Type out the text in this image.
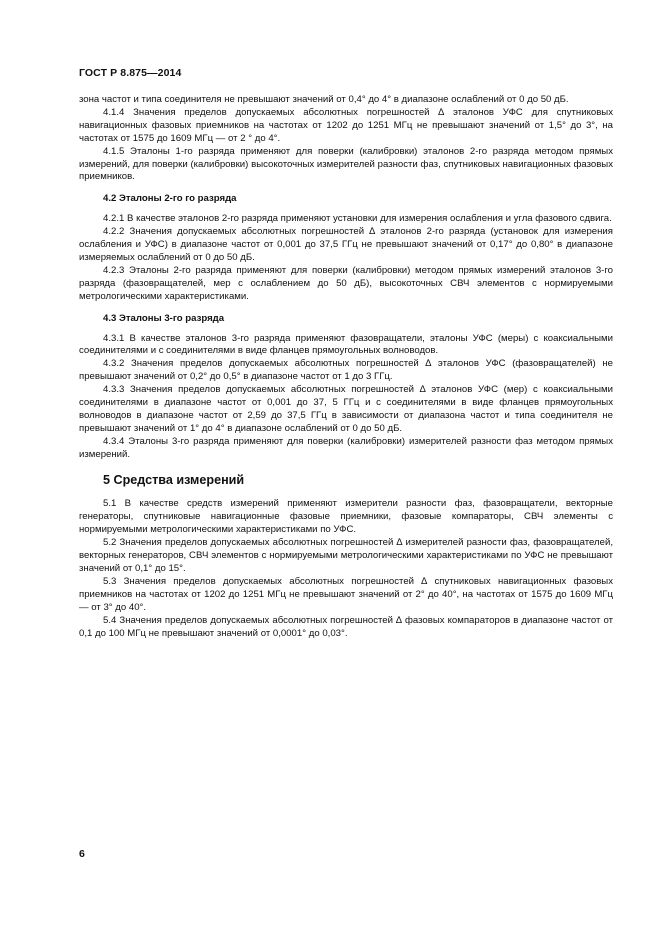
ГОСТ Р 8.875—2014

зона частот и типа соединителя не превышают значений от 0,4° до 4° в диапазоне ослаблений от 0 до 50 дБ.

4.1.4 Значения пределов допускаемых абсолютных погрешностей ∆ эталонов УФС для спутниковых навигационных фазовых приемников на частотах от 1202 до 1251 МГц не превышают значений от 1,5° до 3°, на частотах от 1575 до 1609 МГц — от 2 ° до 4°.

4.1.5 Эталоны 1-го разряда применяют для поверки (калибровки) эталонов 2-го разряда методом прямых измерений, для поверки (калибровки) высокоточных измерителей разности фаз, спутниковых навигационных фазовых приемников.

4.2 Эталоны 2-го го разряда

4.2.1 В качестве эталонов 2-го разряда применяют установки для измерения ослабления и угла фазового сдвига.

4.2.2 Значения допускаемых абсолютных погрешностей ∆ эталонов 2-го разряда (установок для измерения ослабления и УФС) в диапазоне частот от 0,001 до 37,5 ГГц не превышают значений от 0,17° до 0,80° в диапазоне измеряемых ослаблений от 0 до 50 дБ.

4.2.3 Эталоны 2-го разряда применяют для поверки (калибровки) методом прямых измерений эталонов 3-го разряда (фазовращателей, мер с ослаблением до 50 дБ), высокоточных СВЧ элементов с нормируемыми метрологическими характеристиками.

4.3 Эталоны 3-го разряда

4.3.1 В качестве эталонов 3-го разряда применяют фазовращатели, эталоны УФС (меры) с коаксиальными соединителями и с соединителями в виде фланцев прямоугольных волноводов.

4.3.2 Значения пределов допускаемых абсолютных погрешностей ∆ эталонов УФС (фазовращателей) не превышают значений от 0,2° до 0,5° в диапазоне частот от 1 до 3 ГГц.

4.3.3 Значения пределов допускаемых абсолютных погрешностей ∆ эталонов УФС (мер) с коаксиальными соединителями в диапазоне частот от 0,001 до 37, 5 ГГц и с соединителями в виде фланцев прямоугольных волноводов в диапазоне частот от 2,59 до 37,5 ГГц в зависимости от диапазона частот и типа соединителя не превышают значений от 1° до 4° в диапазоне ослаблений от 0 до 50 дБ.

4.3.4 Эталоны 3-го разряда применяют для поверки (калибровки) измерителей разности фаз методом прямых измерений.

5 Средства измерений

5.1 В качестве средств измерений применяют измерители разности фаз, фазовращатели, векторные генераторы, спутниковые навигационные фазовые приемники, фазовые компараторы, СВЧ элементы с нормируемыми метрологическими характеристиками по УФС.

5.2 Значения пределов допускаемых абсолютных погрешностей ∆ измерителей разности фаз, фазовращателей, векторных генераторов, СВЧ элементов с нормируемыми метрологическими характеристиками по УФС не превышают значений от 0,1° до 15°.

5.3 Значения пределов допускаемых абсолютных погрешностей ∆ спутниковых навигационных фазовых приемников на частотах от 1202 до 1251 МГц не превышают значений от 2° до 40°, на частотах от 1575 до 1609 МГц — от 3° до 40°.

5.4 Значения пределов допускаемых абсолютных погрешностей ∆ фазовых компараторов в диапазоне частот от 0,1 до 100 МГц не превышают значений от 0,0001° до 0,03°.

6
